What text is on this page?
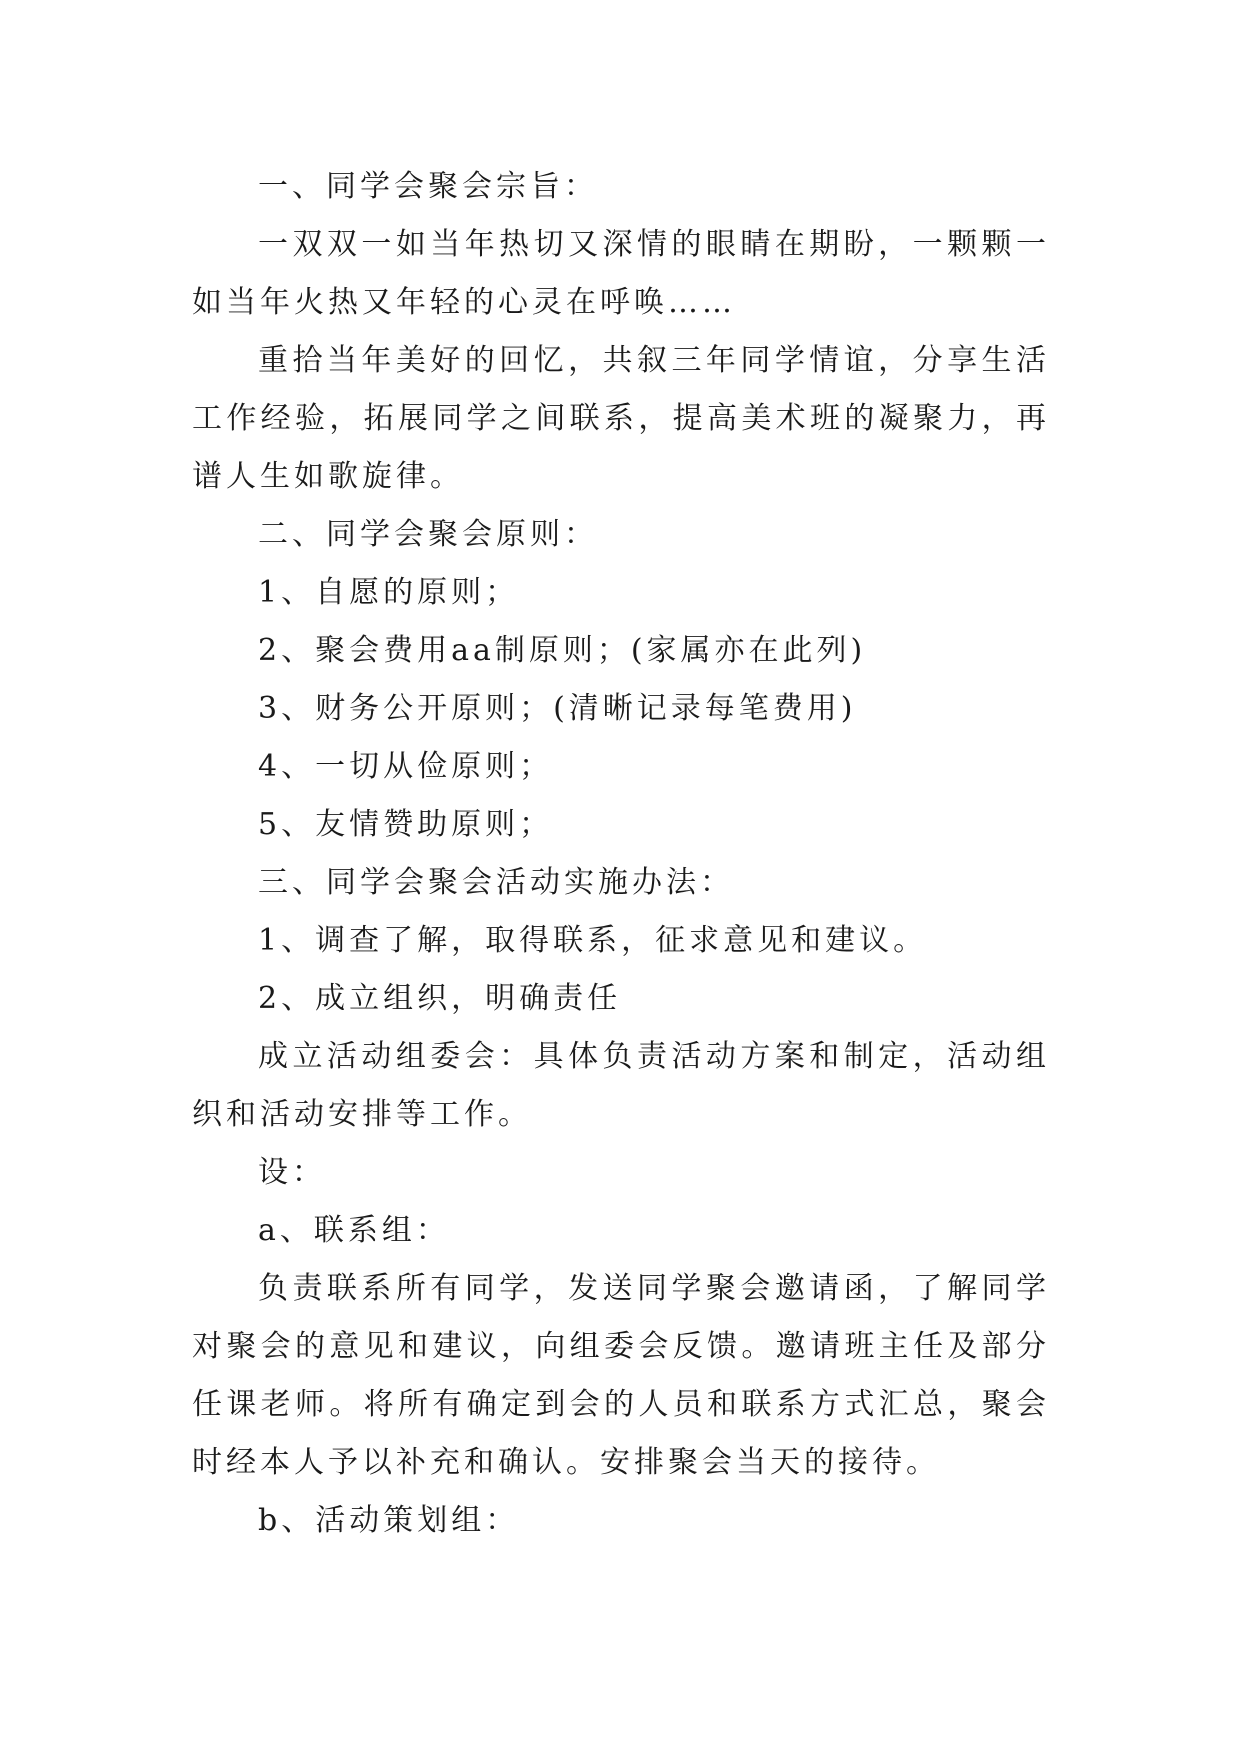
一、同学会聚会宗旨：

一双双一如当年热切又深情的眼睛在期盼，一颗颗一如当年火热又年轻的心灵在呼唤……

重拾当年美好的回忆，共叙三年同学情谊，分享生活工作经验，拓展同学之间联系，提高美术班的凝聚力，再谱人生如歌旋律。

二、同学会聚会原则：

1、自愿的原则；

2、聚会费用aa制原则；(家属亦在此列)

3、财务公开原则；(清晰记录每笔费用)

4、一切从俭原则；

5、友情赞助原则；

三、同学会聚会活动实施办法：

1、调查了解，取得联系，征求意见和建议。

2、成立组织，明确责任

成立活动组委会：具体负责活动方案和制定，活动组织和活动安排等工作。

设：

a、联系组：

负责联系所有同学，发送同学聚会邀请函，了解同学对聚会的意见和建议，向组委会反馈。邀请班主任及部分任课老师。将所有确定到会的人员和联系方式汇总，聚会时经本人予以补充和确认。安排聚会当天的接待。

b、活动策划组：
